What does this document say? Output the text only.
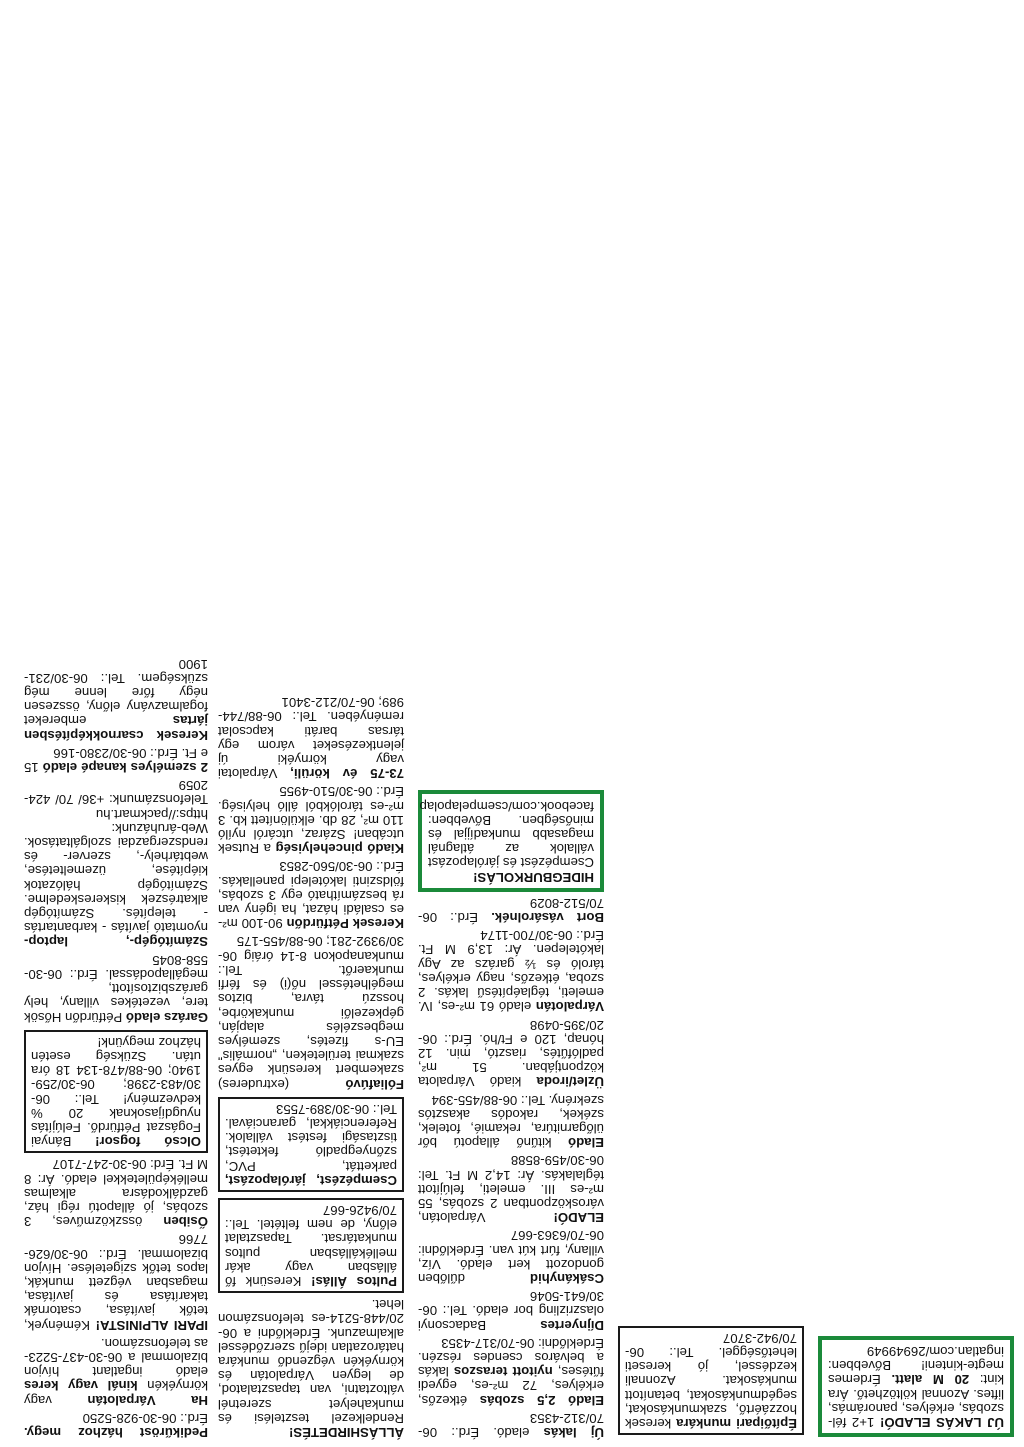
ÚJ LAKÁS ELADÓ! 1+2 fél-szobás, erkélyes, panorámás, liftes. Azonnal költözhető. Ára kint: 20 M alatt. Érdemes megte-kinteni! Bővebben: ingatlan.com/26949949
Építőipari munkára keresek hozzáértő, szakmunkásokat, segédmunkásokat, betanított munkásokat. Azonnali kezdéssel, jó kereseti lehetőséggel. Tel.: 06-70/942-3707
Új lakás eladó. Érd.: 06-70/312-4353
Eladó 2,5 szobás étkezős, erkélyes, 72 m²-es, egyedi fűtéses, nyitott teraszos lakás a belváros csendes részén. Érdeklődni: 06-70/317-4353
Díjnyertes Badacsonyi olaszrizling bor eladó. Tel.: 06-30/641-5046
Csákányhid dűlőben gondozott kert eladó. Víz, villany, fúrt kút van. Érdeklődni: 06-70/6363-667
ELADÓ! Várpalotán, városközpontban 2 szobás, 55 m²-es III. emeleti, felújított téglalakás. Ár: 14,2 M Ft. Tel: 06-30/459-8588
Eladó kitűnő állapotú bőr ülőgarnitúra, rekamié, fotelek, székek, rakodós akasztós szekrény. Tel.: 06-88/455-394
Üzlet/iroda kiadó Várpalota központjában. 51 m², padlófűtés, riasztó, min. 12 hónap, 120 e Ft/hó. Érd.: 06-20/395-0498
Várpalotán eladó 61 m²-es, IV. emeleti, téglaépítésű lakás. 2 szoba, étkezős, nagy erkélyes, tároló és ½ garázs az Agy lakótelepen. Ár: 13,9 M Ft. Érd.: 06-30/700-1174
Bort vásárolnék. Érd.: 06-70/512-8029
HIDEGBURKOLÁS! Csempézést és járólapozást vállalok az átlagnál magasabb munkadíjjal és minőségben. Bővebben: facebook.com/csempelapolap
ÁLLÁSHIRDETÉS! Rendelkezel tesztelési és munkahelyet szeretnél változtatni, van tapasztalatod, de legyen Várpalotán és környékén végzendő munkára határozatlan idejű szerződéssel alkalmazunk. Érdeklődni a 06-20/448-5214-es telefonszámon lehet.
Pultos Állás! Keresünk fő állásban vagy akár mellékállásban pultos munkatársat. Tapasztalat előny, de nem feltétel. Tel.: 70/9426-667
Csempézést, járólapozást, parkettát, PVC, szőnyegpadló fektetést, tisztasági festést vállalok. Referenciákkal, garanciával. Tel.: 06-30/389-7553
Fóliafúvó (extruderes) szakembert keresünk egyes szakmai területeken, „normális" EU-s fizetés, személyes megbeszélés alapján, gépkezelői munkakörbe, hosszú távra, biztos megélhetéssel nő(i) és férfi munkaerőt. Tel.: munkanapokon 8-14 óráig 06-30/9392-281; 06-88/455-175
Keresek Pétfürdőn 90-100 m²-es családi házat, ha igény van rá beszámítható egy 3 szobás, földszinti lakótelepi panellakás. Érd.: 06-30/560-2853
Kiadó pincehelyiség a Rutsek utcában! Száraz, utcáról nyíló 110 m², 28 db. elkülönített kb. 3 m²-es tárolókból álló helyiség. Érd.: 06-30/510-4955
73-75 év körüli, Várpalotai vagy környéki új jelentkezéseket várom egy társas baráti kapcsolat reményében. Tel.: 06-88/744-989; 06-70/212-3401
Pedikűröst házhoz megy. Érd.: 06-30-928-5250
Ha Várpalotán vagy környékén kinál vagy keres eladó ingatlant hívjon bizalommal a 06-30-437-5223-as telefonszámon.
IPARI ALPINISTA! Kémények, tetők javítása, csatornák takarítása és javítása, magasban végzett munkák, lapos tetők szigetelése. Hívjon bizalommal. Érd.: 06-30/626-7766
Ősiben összközműves, 3 szobás, jó állapotú régi ház, gazdálkodásra alkalmas melléképületekkel eladó. Ár: 8 M Ft. Érd: 06-30-247-7107
Olcsó fogsor! Bányai Fogászat Pétfürdő. Felújítás nyugdíjasoknak 20 % kedvezmény! Tel.: 06-30/483-2398; 06-30/259-1940; 06-88/478-134 18 óra után. Szükség esetén házhoz megyünk!
Garázs eladó Pétfürdőn Hősök tere, vezetékes villany, hely garázsbiztosított, megállapodással. Érd.: 06-30-558-8045
Számítógép-, laptop- nyomtató javítás - karbantartás - telepítés. Számítógép alkatrészek kiskereskedelme. Számítógép hálózatok kiépítése, üzemeltetése, webtárhely-, szerver- és rendszergazdai szolgáltatások. Web-áruházunk: https://packmart.hu Telefonszámunk: +36/ 70/ 424-2059
2 személyes kanapé eladó 15 e Ft. Érd.: 06-30/2380-166
Keresek csarnokképítésben jártas embereket fogalmazvány előny, összesen négy főre lenne még szükségem. Tel.: 06-30/231-1900
